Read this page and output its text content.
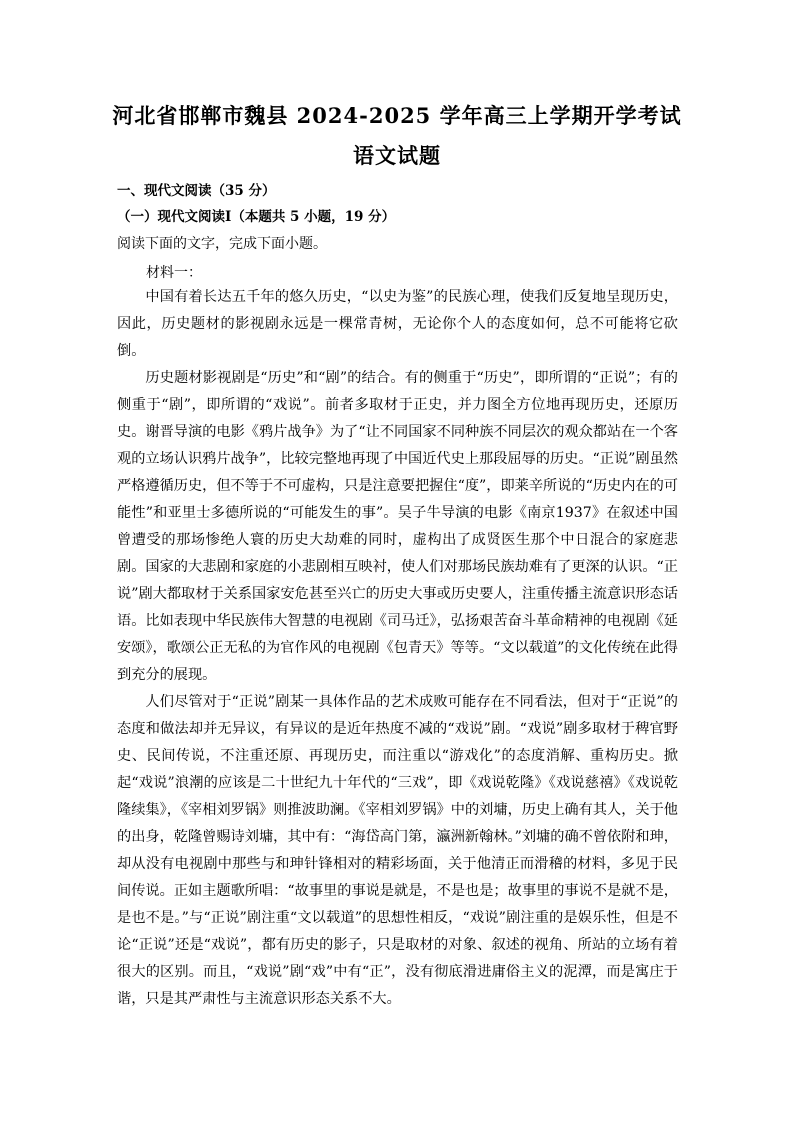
河北省邯郸市魏县 2024-2025 学年高三上学期开学考试
语文试题
一、现代文阅读（35 分）
（一）现代文阅读Ⅰ（本题共 5 小题，19 分）
阅读下面的文字，完成下面小题。
材料一：

中国有着长达五千年的悠久历史，“以史为鉴”的民族心理，使我们反复地呈现历史，因此，历史题材的影视剧永远是一棵常青树，无论你个人的态度如何，总不可能将它砍倒。

历史题材影视剧是“历史”和“剧”的结合。有的侧重于“历史”，即所谓的“正说”；有的侧重于“剧”，即所谓的“戏说”。前者多取材于正史，并力图全方位地再现历史，还原历史。谢晋导演的电影《鸦片战争》为了“让不同国家不同种族不同层次的观众都站在一个客观的立场认识鸦片战争”，比较完整地再现了中国近代史上那段屈辱的历史。“正说”剧虽然严格遵循历史，但不等于不可虚构，只是注意要把握住“度”，即莱辛所说的“历史内在的可能性”和亚里士多德所说的“可能发生的事”。吴子牛导演的电影《南京1937》在叙述中国曾遭受的那场惨绝人寰的历史大劫难的同时，虚构出了成贤医生那个中日混合的家庭悲剧。国家的大悲剧和家庭的小悲剧相互映衬，使人们对那场民族劫难有了更深的认识。“正说”剧大都取材于关系国家安危甚至兴亡的历史大事或历史要人，注重传播主流意识形态话语。比如表现中华民族伟大智慧的电视剧《司马迁》，弘扬艰苦奋斗革命精神的电视剧《延安颂》，歌颂公正无私的为官作风的电视剧《包青天》等等。“文以载道”的文化传统在此得到充分的展现。

人们尽管对于“正说”剧某一具体作品的艺术成败可能存在不同看法，但对于“正说”的态度和做法却并无异议，有异议的是近年热度不减的“戏说”剧。“戏说”剧多取材于稗官野史、民间传说，不注重还原、再现历史，而注重以“游戏化”的态度消解、重构历史。掀起“戏说”浪潮的应该是二十世纪九十年代的“三戏”，即《戏说乾隆》《戏说慈禧》《戏说乾隆续集》，《宰相刘罗锅》则推波助澜。《宰相刘罗锅》中的刘墉，历史上确有其人，关于他的出身，乾隆曾赐诗刘墉，其中有：“海岱高门第，瀛洲新翰林。”刘墉的确不曾依附和珅，却从没有电视剧中那些与和珅针锋相对的精彩场面，关于他清正而滑稽的材料，多见于民间传说。正如主题歌所唱：“故事里的事说是就是，不是也是；故事里的事说不是就不是，是也不是。”与“正说”剧注重“文以载道”的思想性相反，“戏说”剧注重的是娱乐性，但是不论“正说”还是“戏说”，都有历史的影子，只是取材的对象、叙述的视角、所站的立场有着很大的区别。而且，“戏说”剧“戏”中有“正”，没有彻底滑进庸俗主义的泥潭，而是寓庄于谐，只是其严肃性与主流意识形态关系不大。
